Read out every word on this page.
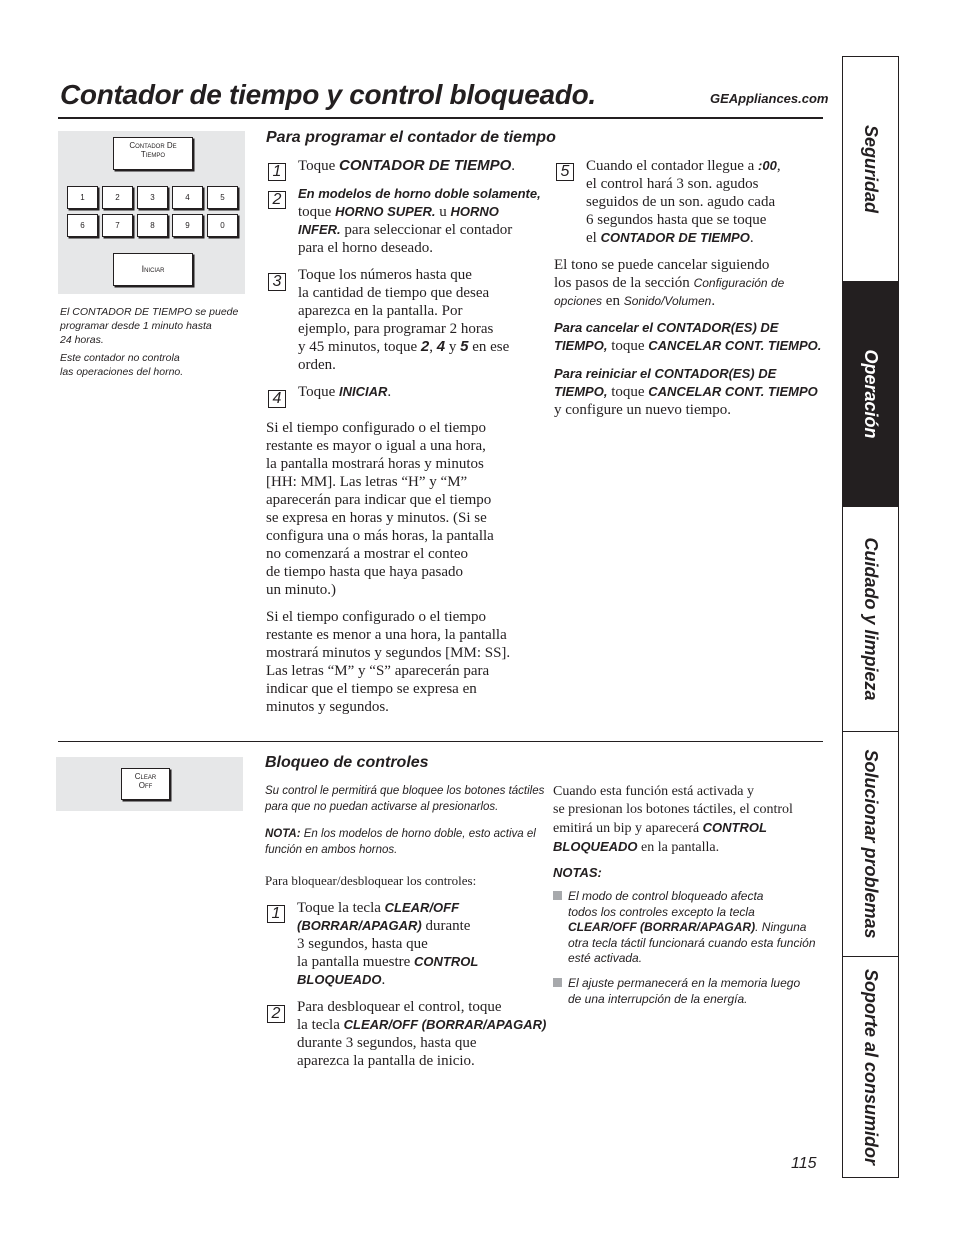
Contador de tiempo y control bloqueado.	GEAppliances.com
Contador De
Tiempo
1	2	3	4	5
6	7	8	9	0
Iniciar
El CONTADOR DE TIEMPO se puede
programar desde 1 minuto hasta
24 horas.
Este contador no controla
las operaciones del horno.
Para programar el contador de tiempo
1	Toque CONTADOR DE TIEMPO.
2	En modelos de horno doble solamente,
toque HORNO SUPER. u HORNO
INFER. para seleccionar el contador
para el horno deseado.
3	Toque los números hasta que
la cantidad de tiempo que desea
aparezca en la pantalla. Por
ejemplo, para programar 2 horas
y 45 minutos, toque 2, 4 y 5 en ese
orden.
4	Toque INICIAR.
Si el tiempo configurado o el tiempo
restante es mayor o igual a una hora,
la pantalla mostrará horas y minutos
[HH: MM]. Las letras “H” y “M”
aparecerán para indicar que el tiempo
se expresa en horas y minutos. (Si se
configura una o más horas, la pantalla
no comenzará a mostrar el conteo
de tiempo hasta que haya pasado
un minuto.)
Si el tiempo configurado o el tiempo
restante es menor a una hora, la pantalla
mostrará minutos y segundos [MM: SS].
Las letras “M” y “S” aparecerán para
indicar que el tiempo se expresa en
minutos y segundos.
5	Cuando el contador llegue a :00,
el control hará 3 son. agudos
seguidos de un son. agudo cada
6 segundos hasta que se toque
el CONTADOR DE TIEMPO.
El tono se puede cancelar siguiendo
los pasos de la sección Configuración de
opciones en Sonido/Volumen.
Para cancelar el CONTADOR(ES) DE
TIEMPO, toque CANCELAR CONT. TIEMPO.
Para reiniciar el CONTADOR(ES) DE
TIEMPO, toque CANCELAR CONT. TIEMPO
y configure un nuevo tiempo.
Clear
Off
Bloqueo de controles
Su control le permitirá que bloquee los botones táctiles
para que no puedan activarse al presionarlos.
NOTA: En los modelos de horno doble, esto activa el
función en ambos hornos.
Para bloquear/desbloquear los controles:
1	Toque la tecla CLEAR/OFF
(BORRAR/APAGAR) durante
3 segundos, hasta que
la pantalla muestre CONTROL
BLOQUEADO.
2	Para desbloquear el control, toque
la tecla CLEAR/OFF (BORRAR/APAGAR)
durante 3 segundos, hasta que
aparezca la pantalla de inicio.
Cuando esta función está activada y
se presionan los botones táctiles, el control
emitirá un bip y aparecerá CONTROL
BLOQUEADO en la pantalla.
NOTAS:
El modo de control bloqueado afecta
todos los controles excepto la tecla
CLEAR/OFF (BORRAR/APAGAR). Ninguna
otra tecla táctil funcionará cuando esta función
esté activada.
El ajuste permanecerá en la memoria luego
de una interrupción de la energía.
Seguridad
Operación
Cuidado y limpieza
Solucionar problemas
Soporte al consumidor
115
